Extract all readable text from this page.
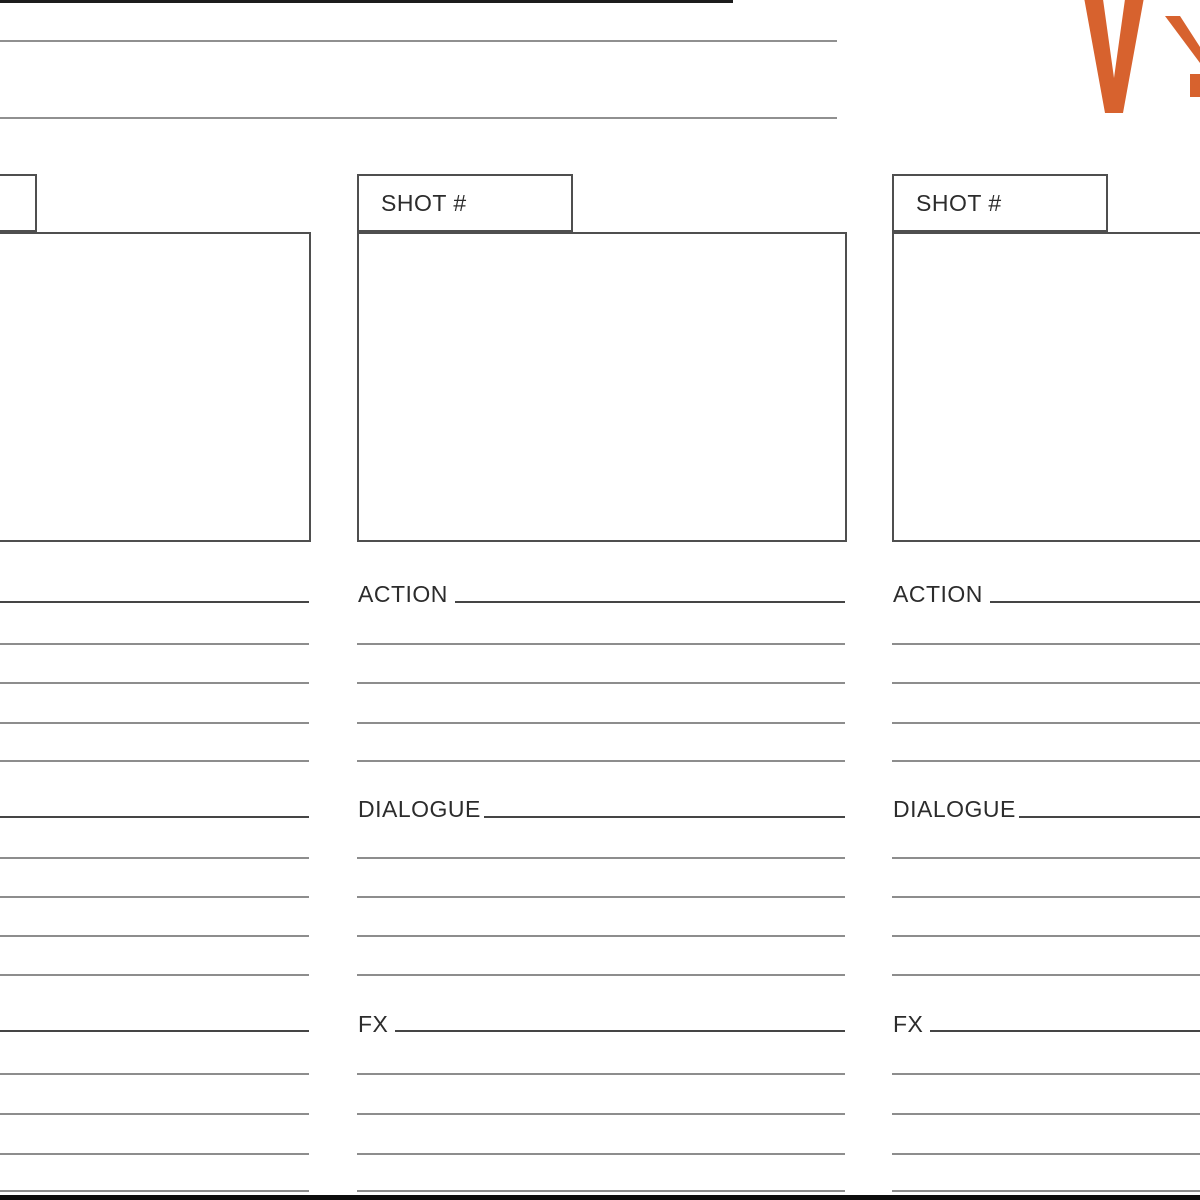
SHOT #
ACTION
DIALOGUE
FX
SHOT #
ACTION
DIALOGUE
FX
